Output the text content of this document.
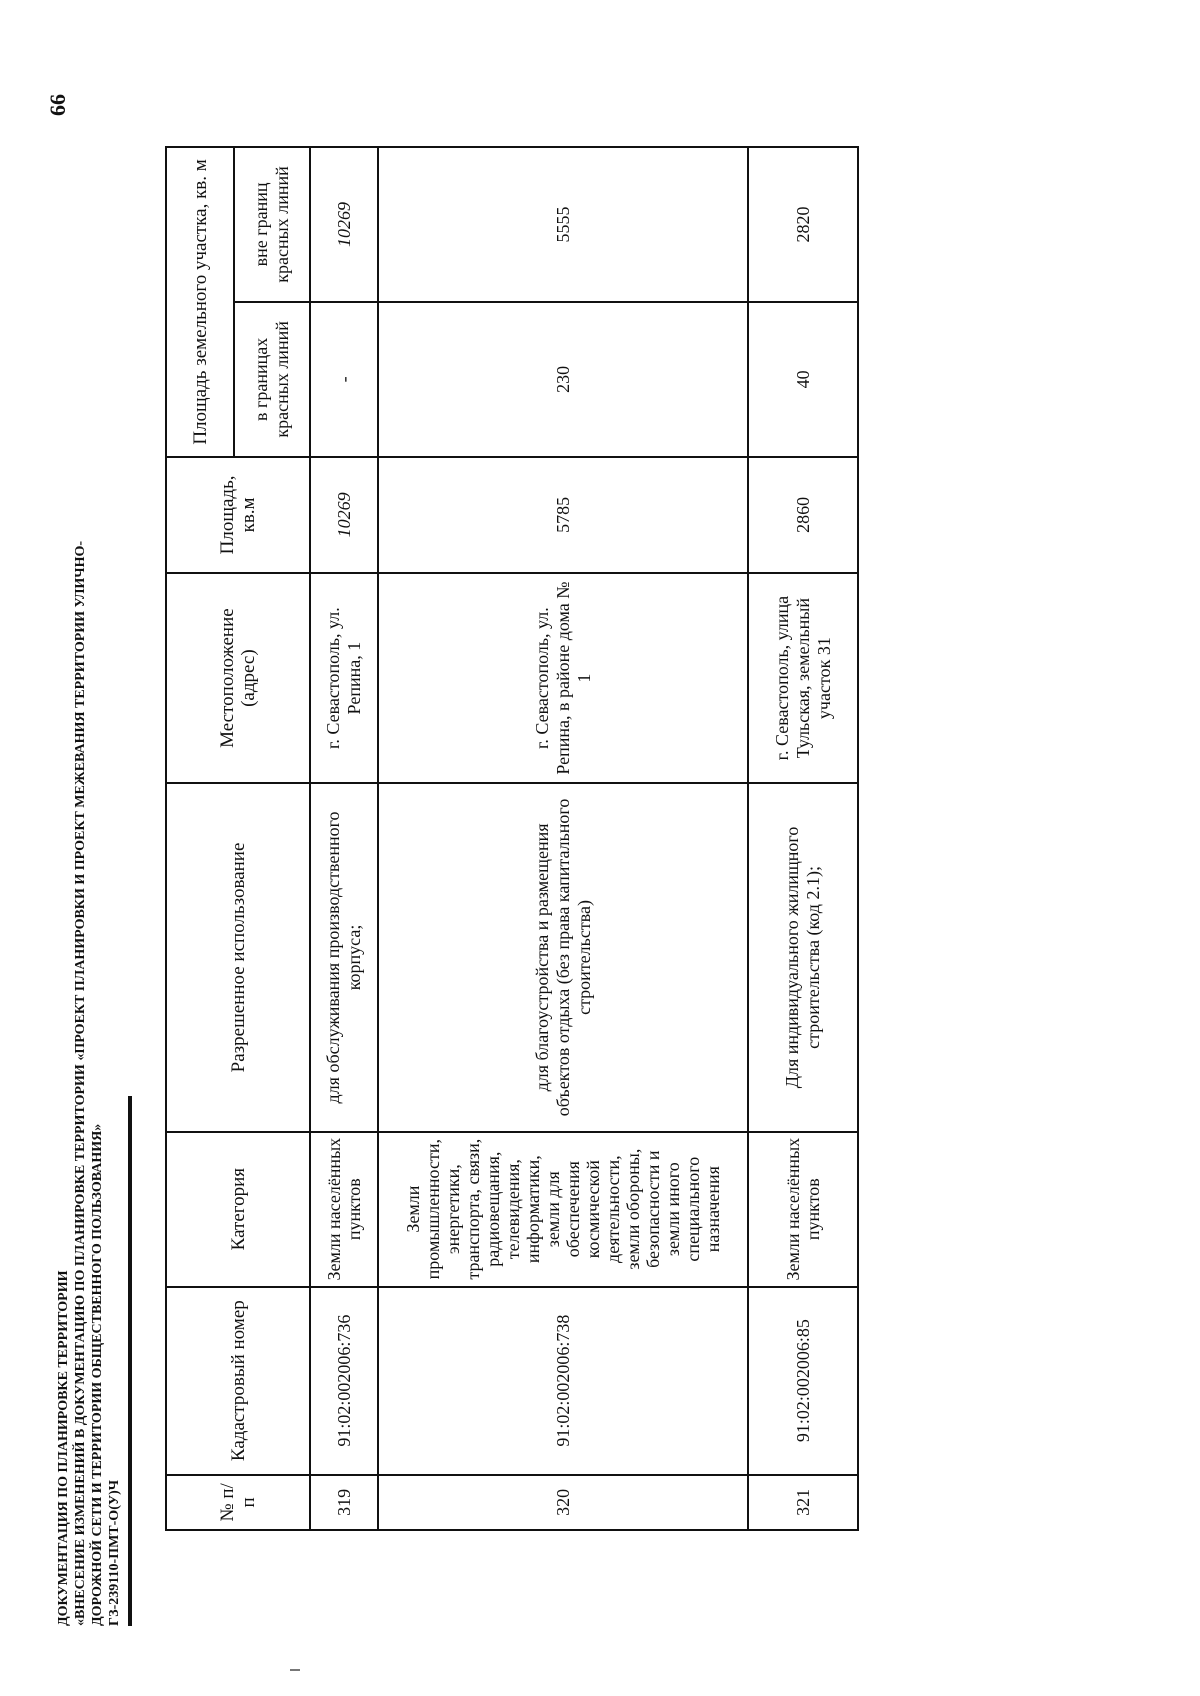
66
ДОКУМЕНТАЦИЯ ПО ПЛАНИРОВКЕ ТЕРРИТОРИИ «ВНЕСЕНИЕ ИЗМЕНЕНИЙ В ДОКУМЕНТАЦИЮ ПО ПЛАНИРОВКЕ ТЕРРИТОРИИ «ПРОЕКТ ПЛАНИРОВКИ И ПРОЕКТ МЕЖЕВАНИЯ ТЕРРИТОРИИ УЛИЧНО- ДОРОЖНОЙ СЕТИ И ТЕРРИТОРИИ ОБЩЕСТВЕННОГО ПОЛЬЗОВАНИЯ» ГЗ-239110-ПМТ-О(У)Ч	№ п/п	Кадастровый номер	Категория	Разрешенное использование	Местоположение (адрес)	Площадь, кв.м	Площадь земельного участка, кв. м	
						в границах красных линий	вне границ красных линий
319	91:02:002006:736	Земли населённых пунктов	для обслуживания производственного корпуса;	г. Севастополь, ул. Репина, 1	10269	-	10269
320	91:02:002006:738	Земли промышленности, энергетики, транспорта, связи, радиовещания, телевидения, информатики, земли для обеспечения космической деятельности, земли обороны, безопасности и земли иного специального назначения	для благоустройства и размещения объектов отдыха (без права капитального строительства)	г. Севастополь, ул. Репина, в районе дома № 1	5785	230	5555
321	91:02:002006:85	Земли населённых пунктов	Для индивидуального жилищного строительства (код 2.1);	г. Севастополь, улица Тульская, земельный участок 31	2860	40	2820
